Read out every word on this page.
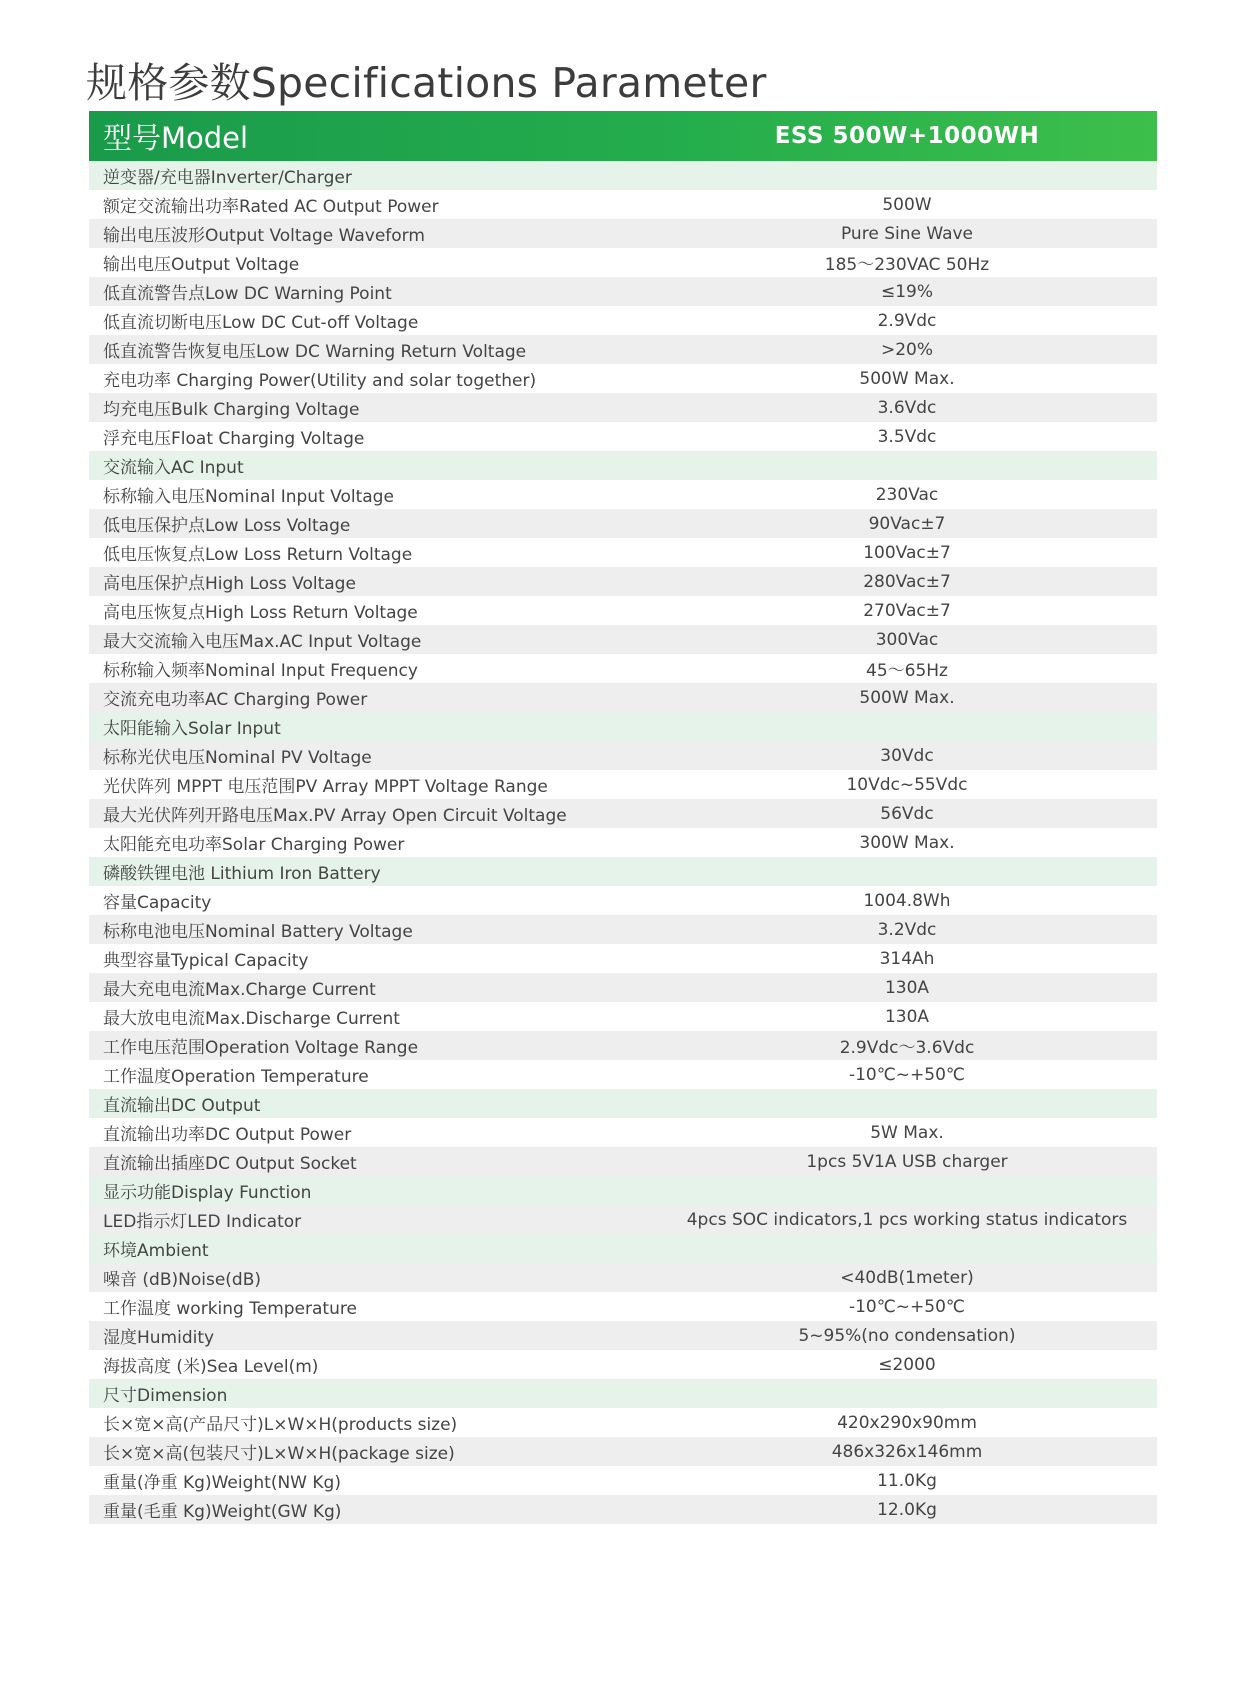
规格参数Specifications Parameter
型号Model	ESS 500W+1000WH
逆变器/充电器Inverter/Charger
额定交流输出功率Rated AC Output Power	500W
输出电压波形Output Voltage Waveform	Pure Sine Wave
输出电压Output Voltage	185～230VAC 50Hz
低直流警告点Low DC Warning Point	≤19%
低直流切断电压Low DC Cut-off Voltage	2.9Vdc
低直流警告恢复电压Low DC Warning Return Voltage	>20%
充电功率 Charging Power(Utility and solar together)	500W Max.
均充电压Bulk Charging Voltage	3.6Vdc
浮充电压Float Charging Voltage	3.5Vdc
交流输入AC Input
标称输入电压Nominal Input Voltage	230Vac
低电压保护点Low Loss Voltage	90Vac±7
低电压恢复点Low Loss Return Voltage	100Vac±7
高电压保护点High Loss Voltage	280Vac±7
高电压恢复点High Loss Return Voltage	270Vac±7
最大交流输入电压Max.AC Input Voltage	300Vac
标称输入频率Nominal Input Frequency	45～65Hz
交流充电功率AC Charging Power	500W Max.
太阳能输入Solar Input
标称光伏电压Nominal PV Voltage	30Vdc
光伏阵列 MPPT 电压范围PV Array MPPT Voltage Range	10Vdc~55Vdc
最大光伏阵列开路电压Max.PV Array Open Circuit Voltage	56Vdc
太阳能充电功率Solar Charging Power	300W Max.
磷酸铁锂电池 Lithium Iron Battery
容量Capacity	1004.8Wh
标称电池电压Nominal Battery Voltage	3.2Vdc
典型容量Typical Capacity	314Ah
最大充电电流Max.Charge Current	130A
最大放电电流Max.Discharge Current	130A
工作电压范围Operation Voltage Range	2.9Vdc～3.6Vdc
工作温度Operation Temperature	-10℃~+50℃
直流输出DC Output
直流输出功率DC Output Power	5W Max.
直流输出插座DC Output Socket	1pcs 5V1A USB charger
显示功能Display Function
LED指示灯LED Indicator	4pcs SOC indicators,1 pcs working status indicators
环境Ambient
噪音 (dB)Noise(dB)	<40dB(1meter)
工作温度 working Temperature	-10℃~+50℃
湿度Humidity	5~95%(no condensation)
海拔高度 (米)Sea Level(m)	≤2000
尺寸Dimension
长×宽×高(产品尺寸)L×W×H(products size)	420x290x90mm
长×宽×高(包装尺寸)L×W×H(package size)	486x326x146mm
重量(净重 Kg)Weight(NW Kg)	11.0Kg
重量(毛重 Kg)Weight(GW Kg)	12.0Kg
